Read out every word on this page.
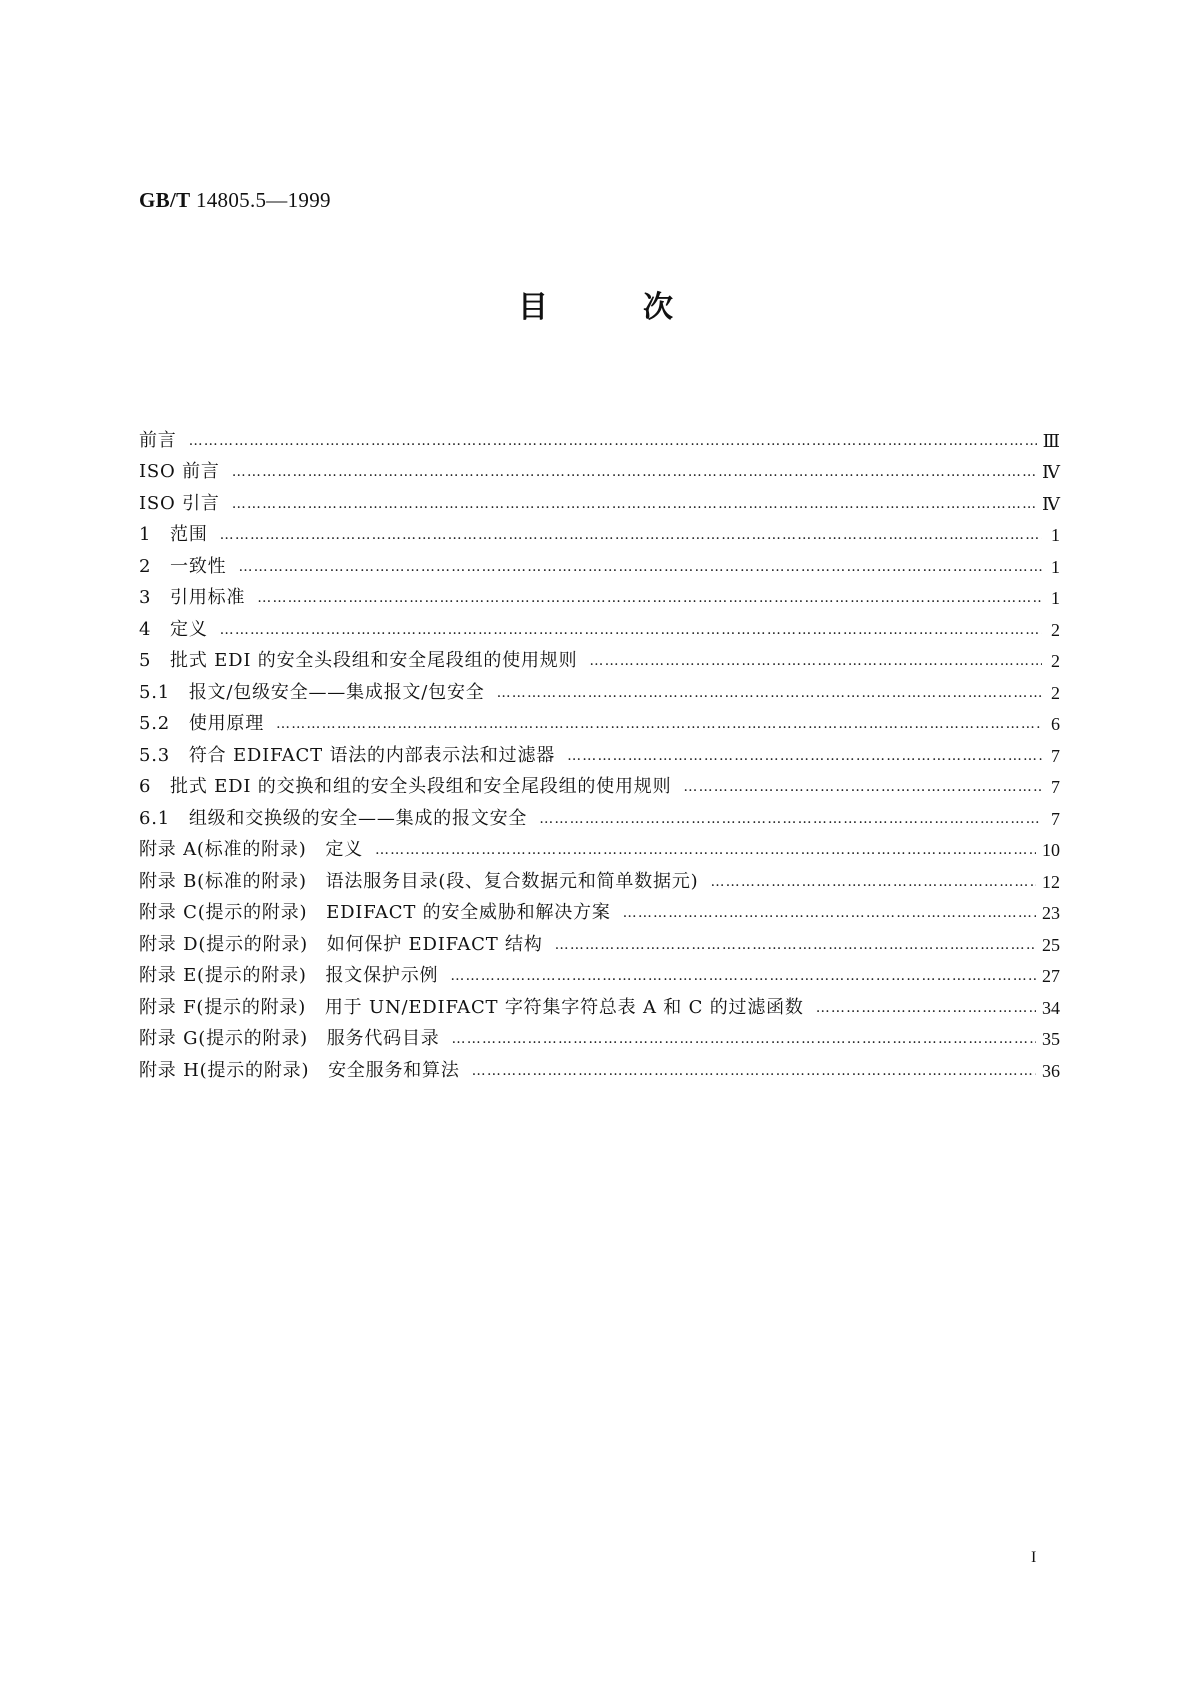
GB/T 14805.5—1999
目	次
前言 ………………………………………………………………………………………………………………………………………………………………………………………………………………………………………………	Ⅲ
ISO 前言 ………………………………………………………………………………………………………………………………………………………………………………………………………………………………………………	Ⅳ
ISO 引言 ………………………………………………………………………………………………………………………………………………………………………………………………………………………………………………	Ⅳ
1　范围 ………………………………………………………………………………………………………………………………………………………………………………………………………………………………………………	1
2　一致性 ………………………………………………………………………………………………………………………………………………………………………………………………………………………………………………	1
3　引用标准 ………………………………………………………………………………………………………………………………………………………………………………………………………………………………………………	1
4　定义 ………………………………………………………………………………………………………………………………………………………………………………………………………………………………………………	2
5　批式 EDI 的安全头段组和安全尾段组的使用规则 ………………………………………………………………………………………………………………………………………………………………………………………………………………………………………………	2
5.1　报文/包级安全——集成报文/包安全 ………………………………………………………………………………………………………………………………………………………………………………………………………………………………………………	2
5.2　使用原理 ………………………………………………………………………………………………………………………………………………………………………………………………………………………………………………	6
5.3　符合 EDIFACT 语法的内部表示法和过滤器 ………………………………………………………………………………………………………………………………………………………………………………………………………………………………………………	7
6　批式 EDI 的交换和组的安全头段组和安全尾段组的使用规则 ………………………………………………………………………………………………………………………………………………………………………………………………………………………………………………	7
6.1　组级和交换级的安全——集成的报文安全 ………………………………………………………………………………………………………………………………………………………………………………………………………………………………………………	7
附录 A(标准的附录)　定义 ………………………………………………………………………………………………………………………………………………………………………………………………………………………………………………	10
附录 B(标准的附录)　语法服务目录(段、复合数据元和简单数据元) ………………………………………………………………………………………………………………………………………………………………………………………………………………………………………………	12
附录 C(提示的附录)　EDIFACT 的安全威胁和解决方案 ………………………………………………………………………………………………………………………………………………………………………………………………………………………………………………	23
附录 D(提示的附录)　如何保护 EDIFACT 结构 ………………………………………………………………………………………………………………………………………………………………………………………………………………………………………………	25
附录 E(提示的附录)　报文保护示例 ………………………………………………………………………………………………………………………………………………………………………………………………………………………………………………	27
附录 F(提示的附录)　用于 UN/EDIFACT 字符集字符总表 A 和 C 的过滤函数 ………………………………………………………………………………………………………………………………………………………………………………………………………………………………………………	34
附录 G(提示的附录)　服务代码目录 ………………………………………………………………………………………………………………………………………………………………………………………………………………………………………………	35
附录 H(提示的附录)　安全服务和算法 ………………………………………………………………………………………………………………………………………………………………………………………………………………………………………………	36
I
